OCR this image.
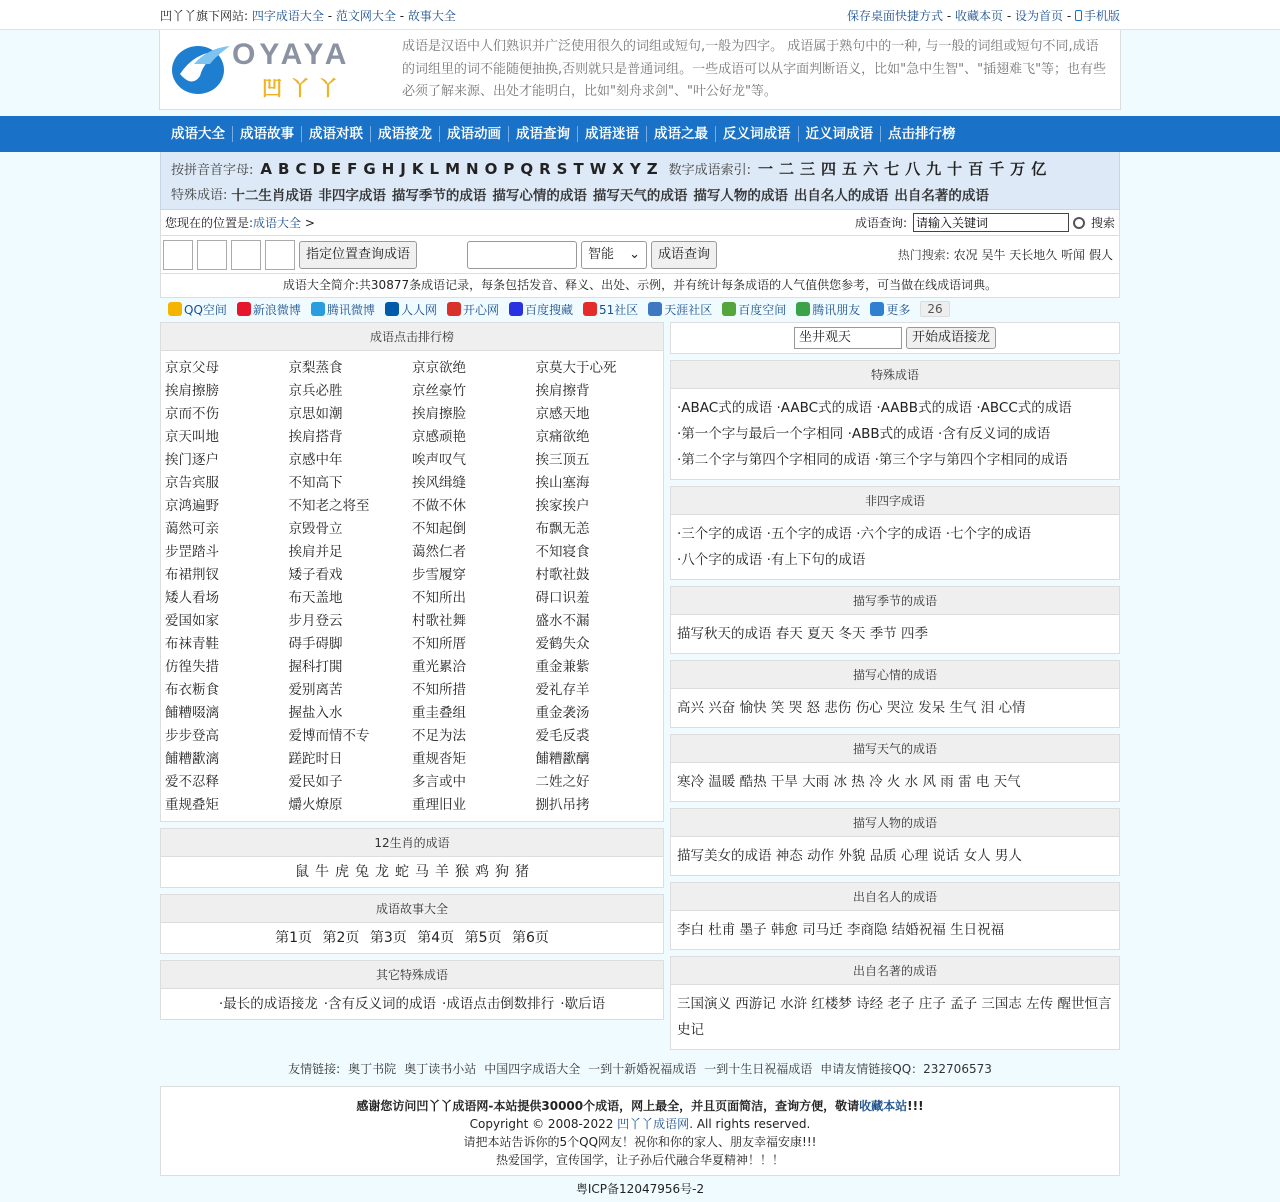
凹丫丫旗下网站: 四字成语大全 - 范文网大全 - 故事大全	保存桌面快捷方式 - 收藏本页 - 设为首页 - 手机版
OYAYA
凹丫丫
成语是汉语中人们熟识并广泛使用很久的词组或短句,一般为四字。 成语属于熟句中的一种, 与一般的词组或短句不同,成语的词组里的词不能随便抽换,否则就只是普通词组。一些成语可以从字面判断语义，比如"急中生智"、"插翅难飞"等；也有些必须了解来源、出处才能明白，比如"刻舟求剑"、"叶公好龙"等。
成语大全	成语故事	成语对联	成语接龙	成语动画	成语查询	成语迷语	成语之最	反义词成语	近义词成语	点击排行榜
按拼音首字母: A B C D E F G H J K L M N O P Q R S T W X Y Z 数字成语索引: 一 二 三 四 五 六 七 八 九 十 百 千 万 亿
特殊成语: 十二生肖成语 非四字成语 描写季节的成语 描写心情的成语 描写天气的成语 描写人物的成语 出自名人的成语 出自名著的成语
您现在的位置是:成语大全 >	成语查询:
请输入关键词	搜索
指定位置查询成语	智能 ⌄	成语查询	热门搜索: 农况 吴牛 天长地久 听闻 假人
成语大全简介:共30877条成语记录，每条包括发音、释义、出处、示例，并有统计每条成语的人气值供您参考，可当做在线成语词典。
QQ空间 新浪微博 腾讯微博 人人网 开心网 百度搜藏 51社区 天涯社区 百度空间 腾讯朋友 更多	26
成语点击排行榜
京京父母	京梨蒸食	京京欲绝	京莫大于心死
挨肩擦膀	京兵必胜	京丝豪竹	挨肩擦背
京而不伤	京思如潮	挨肩擦脸	京感天地
京天叫地	挨肩搭背	京感顽艳	京痛欲绝
挨门逐户	京感中年	唉声叹气	挨三顶五
京告宾服	不知高下	挨风缉缝	挨山塞海
京鸿遍野	不知老之将至	不做不休	挨家挨户
蔼然可亲	京毁骨立	不知起倒	布飘无恙
步罡踏斗	挨肩并足	蔼然仁者	不知寝食
布裙荆钗	矮子看戏	步雪履穿	村歌社鼓
矮人看场	布天盖地	不知所出	碍口识羞
爱国如家	步月登云	村歌社舞	盛水不漏
布袜青鞋	碍手碍脚	不知所厝	爱鹤失众
仿徨失措	握科打閧	重光累洽	重金兼紫
布衣粝食	爱别离苦	不知所措	爱礼存羊
餔糟啜漓	握盐入水	重圭叠组	重金袭汤
步步登高	爱博而情不专	不足为法	爱毛反裘
餔糟歠漓	蹉跎时日	重规沓矩	餔糟歠醨
爱不忍释	爱民如子	多言或中	二姓之好
重规叠矩	爝火燎原	重理旧业	捌扒吊拷
12生肖的成语
鼠 牛 虎 兔 龙 蛇 马 羊 猴 鸡 狗 猪
成语故事大全
第1页 第2页 第3页 第4页 第5页 第6页
其它特殊成语
·最长的成语接龙 ·含有反义词的成语 ·成语点击倒数排行 ·歇后语
坐井观天	开始成语接龙
特殊成语
·ABAC式的成语 ·AABC式的成语 ·AABB式的成语 ·ABCC式的成语 ·第一个字与最后一个字相同 ·ABB式的成语 ·含有反义词的成语 ·第二个字与第四个字相同的成语 ·第三个字与第四个字相同的成语
非四字成语
·三个字的成语 ·五个字的成语 ·六个字的成语 ·七个字的成语 ·八个字的成语 ·有上下句的成语
描写季节的成语
描写秋天的成语 春天 夏天 冬天 季节 四季
描写心情的成语
高兴 兴奋 愉快 笑 哭 怒 悲伤 伤心 哭泣 发呆 生气 泪 心情
描写天气的成语
寒冷 温暖 酷热 干旱 大雨 冰 热 冷 火 水 风 雨 雷 电 天气
描写人物的成语
描写美女的成语 神态 动作 外貌 品质 心理 说话 女人 男人
出自名人的成语
李白 杜甫 墨子 韩愈 司马迁 李商隐 结婚祝福 生日祝福
出自名著的成语
三国演义 西游记 水浒 红楼梦 诗经 老子 庄子 孟子 三国志 左传 醒世恒言 史记
友情链接: 奥丁书院 奥丁读书小站 中国四字成语大全 一到十新婚祝福成语 一到十生日祝福成语 申请友情链接QQ：232706573
感谢您访问凹丫丫成语网-本站提供30000个成语，网上最全，并且页面简洁，查询方便，敬请收藏本站!!!
Copyright © 2008-2022 凹丫丫成语网. All rights reserved.
请把本站告诉你的5个QQ网友！祝你和你的家人、朋友幸福安康!!!
热爱国学，宣传国学，让子孙后代融合华夏精神！！！
粤ICP备12047956号-2
